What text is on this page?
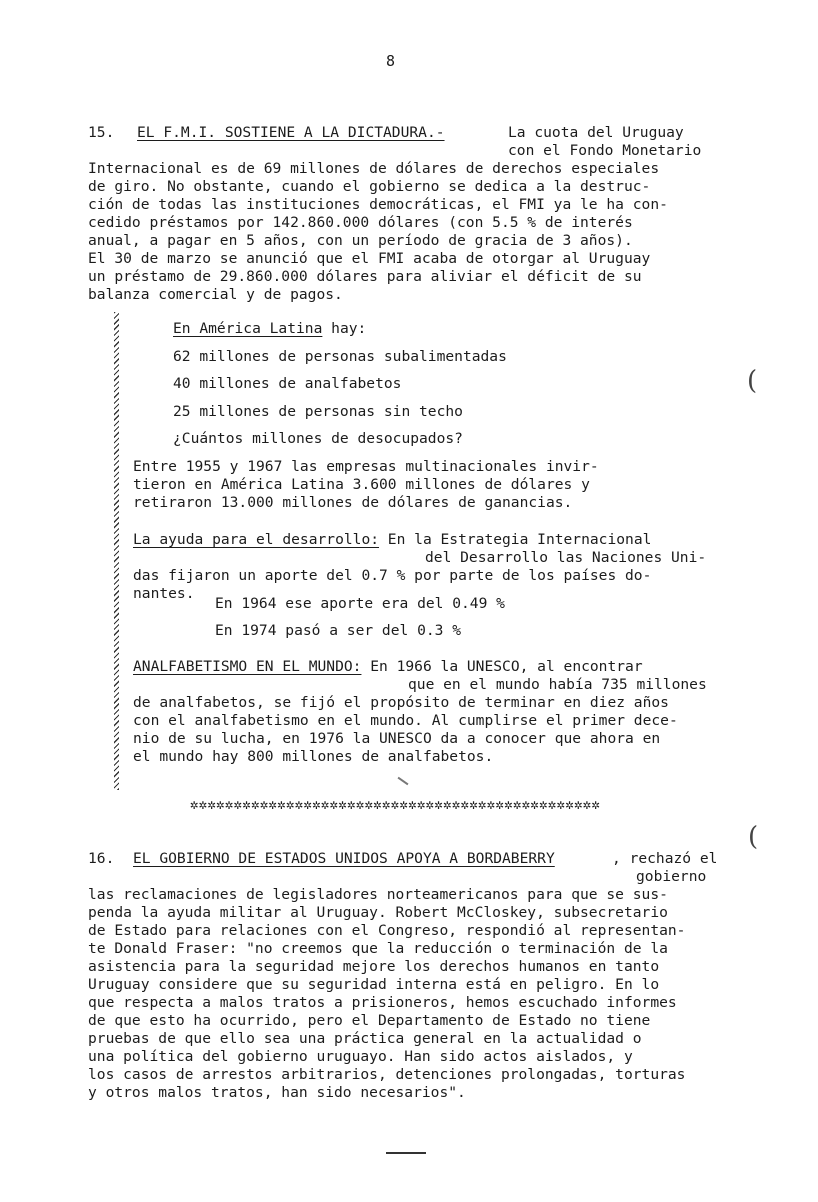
8
15. EL F.M.I. SOSTIENE A LA DICTADURA.-	La cuota del Uruguay
con el Fondo Monetario
Internacional es de 69 millones de dólares de derechos especiales
de giro. No obstante, cuando el gobierno se dedica a la destruc-
ción de todas las instituciones democráticas, el FMI ya le ha con-
cedido préstamos por 142.860.000 dólares (con 5.5 % de interés
anual, a pagar en 5 años, con un período de gracia de 3 años).
El 30 de marzo se anunció que el FMI acaba de otorgar al Uruguay
un préstamo de 29.860.000 dólares para aliviar el déficit de su
balanza comercial y de pagos.
En América Latina hay:
62 millones de personas subalimentadas
40 millones de analfabetos
25 millones de personas sin techo
¿Cuántos millones de desocupados?
Entre 1955 y 1967 las empresas multinacionales invir-
tieron en América Latina 3.600 millones de dólares y
retiraron 13.000 millones de dólares de ganancias.
La ayuda para el desarrollo: En la Estrategia Internacional
del Desarrollo las Naciones Uni-
das fijaron un aporte del 0.7 % por parte de los países do-
nantes.
En 1964 ese aporte era del 0.49 %
En 1974 pasó a ser del 0.3 %
ANALFABETISMO EN EL MUNDO: En 1966 la UNESCO, al encontrar
que en el mundo había 735 millones
de analfabetos, se fijó el propósito de terminar en diez años
con el analfabetismo en el mundo. Al cumplirse el primer dece-
nio de su lucha, en 1976 la UNESCO da a conocer que ahora en
el mundo hay 800 millones de analfabetos.
(
(
✲✲✲✲✲✲✲✲✲✲✲✲✲✲✲✲✲✲✲✲✲✲✲✲✲✲✲✲✲✲✲✲✲✲✲✲✲✲✲✲✲✲✲✲✲✲✲
16. EL GOBIERNO DE ESTADOS UNIDOS APOYA A BORDABERRY	, rechazó el
gobierno
las reclamaciones de legisladores norteamericanos para que se sus-
penda la ayuda militar al Uruguay. Robert McCloskey, subsecretario
de Estado para relaciones con el Congreso, respondió al representan-
te Donald Fraser: "no creemos que la reducción o terminación de la
asistencia para la seguridad mejore los derechos humanos en tanto
Uruguay considere que su seguridad interna está en peligro. En lo
que respecta a malos tratos a prisioneros, hemos escuchado informes
de que esto ha ocurrido, pero el Departamento de Estado no tiene
pruebas de que ello sea una práctica general en la actualidad o
una política del gobierno uruguayo. Han sido actos aislados, y
los casos de arrestos arbitrarios, detenciones prolongadas, torturas
y otros malos tratos, han sido necesarios".
